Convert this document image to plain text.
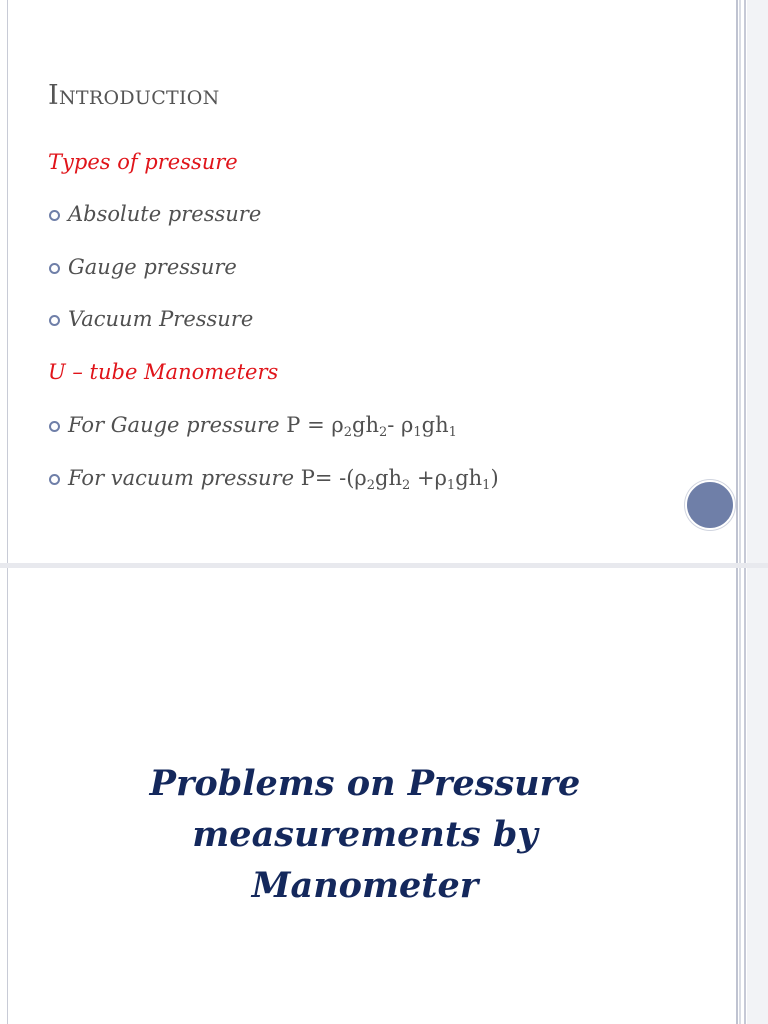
Introduction
Types of pressure
Absolute pressure
Gauge pressure
Vacuum Pressure
U – tube Manometers
For Gauge pressure $P = \rho_2gh_2-$ $\rho_1gh_1$
For vacuum pressure $P= -(\rho_2gh_2 +\rho_1gh_1)$
Problems on Pressure
measurements by
Manometer
